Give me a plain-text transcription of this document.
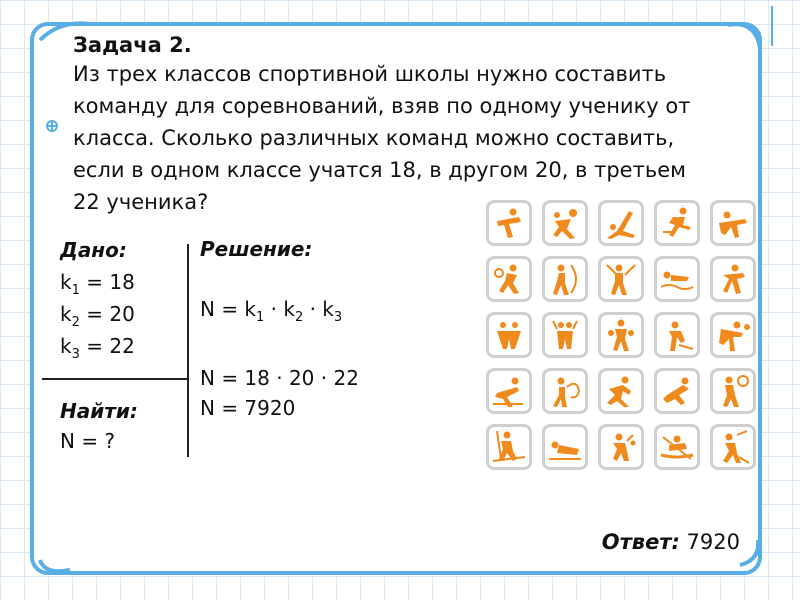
Задача 2.
Из трех классов спортивной школы нужно составить
команду для соревнований, взяв по одному ученику от
класса. Сколько различных команд можно составить,
если в одном классе учатся 18, в другом 20, в третьем
22 ученика?
Дано:
$k_1 = 18$
$k_2 = 20$
$k_3 = 22$
Найти:
N = ?
Решение:
$N = k_1 \cdot k_2 \cdot k_3$
N = 18 · 20 · 22
N = 7920
Ответ: 7920
